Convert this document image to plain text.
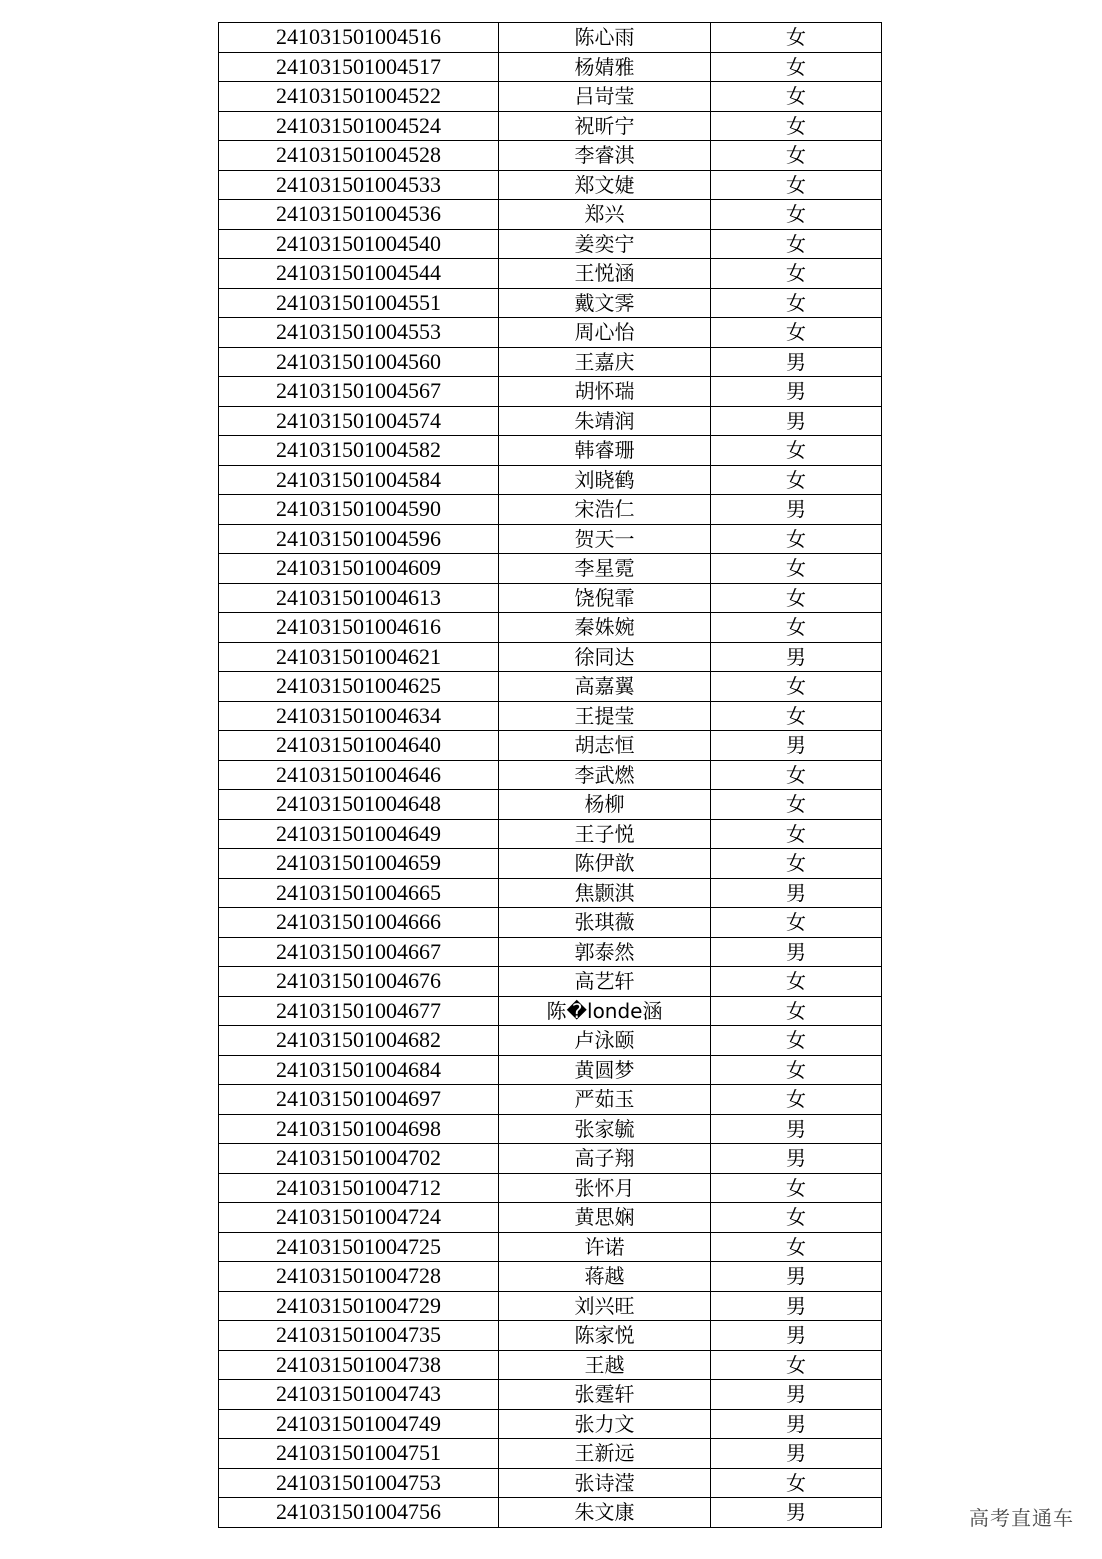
241031501004516	陈心雨	女
241031501004517	杨婧雅	女
241031501004522	吕岢莹	女
241031501004524	祝昕宁	女
241031501004528	李睿淇	女
241031501004533	郑文婕	女
241031501004536	郑兴	女
241031501004540	姜奕宁	女
241031501004544	王悦涵	女
241031501004551	戴文霁	女
241031501004553	周心怡	女
241031501004560	王嘉庆	男
241031501004567	胡怀瑞	男
241031501004574	朱靖润	男
241031501004582	韩睿珊	女
241031501004584	刘晓鹤	女
241031501004590	宋浩仁	男
241031501004596	贺天一	女
241031501004609	李星霓	女
241031501004613	饶倪霏	女
241031501004616	秦姝婉	女
241031501004621	徐同达	男
241031501004625	高嘉翼	女
241031501004634	王提莹	女
241031501004640	胡志恒	男
241031501004646	李武燃	女
241031501004648	杨柳	女
241031501004649	王子悦	女
241031501004659	陈伊歆	女
241031501004665	焦颢淇	男
241031501004666	张琪薇	女
241031501004667	郭泰然	男
241031501004676	高艺轩	女
241031501004677	陈�londe涵	女
241031501004682	卢泳颐	女
241031501004684	黄圆梦	女
241031501004697	严茹玉	女
241031501004698	张家毓	男
241031501004702	高子翔	男
241031501004712	张怀月	女
241031501004724	黄思娴	女
241031501004725	许诺	女
241031501004728	蒋越	男
241031501004729	刘兴旺	男
241031501004735	陈家悦	男
241031501004738	王越	女
241031501004743	张霆轩	男
241031501004749	张力文	男
241031501004751	王新远	男
241031501004753	张诗滢	女
241031501004756	朱文康	男	高考直通车
